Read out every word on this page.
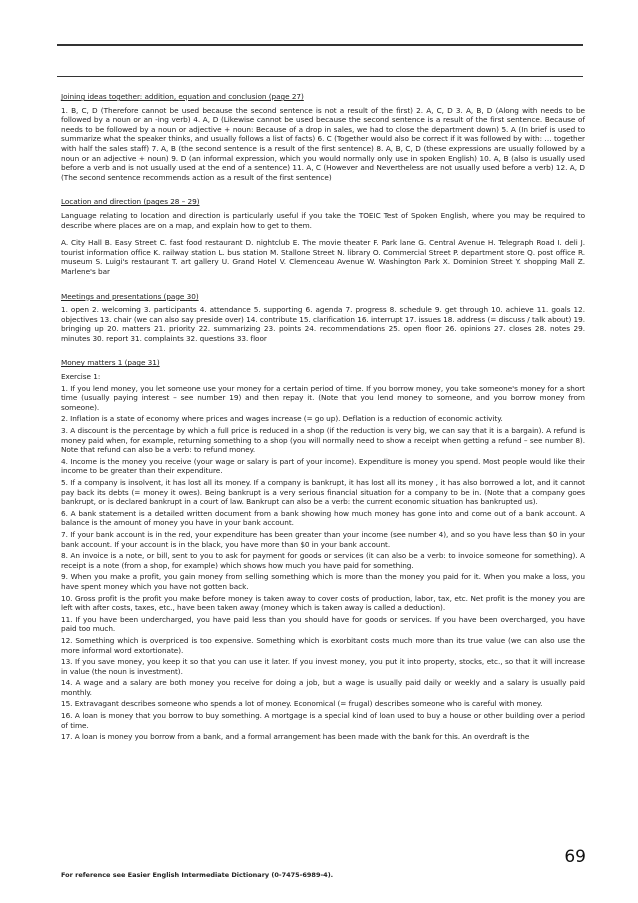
Joining ideas together: addition, equation and conclusion (page 27)
1. B, C, D (Therefore cannot be used because the second sentence is not a result of the first) 2. A, C, D 3. A, B, D (Along with needs to be followed by a noun or an -ing verb) 4. A, D (Likewise cannot be used because the second sentence is a result of the first sentence. Because of needs to be followed by a noun or adjective + noun: Because of a drop in sales, we had to close the department down) 5. A (In brief is used to summarize what the speaker thinks, and usually follows a list of facts) 6. C (Together would also be correct if it was followed by with: … together with half the sales staff) 7. A, B (the second sentence is a result of the first sentence) 8. A, B, C, D (these expressions are usually followed by a noun or an adjective + noun) 9. D (an informal expression, which you would normally only use in spoken English) 10. A, B (also is usually used before a verb and is not usually used at the end of a sentence) 11. A, C (However and Nevertheless are not usually used before a verb) 12. A, D (The second sentence recommends action as a result of the first sentence)
Location and direction (pages 28 – 29)
Language relating to location and direction is particularly useful if you take the TOEIC Test of Spoken English, where you may be required to describe where places are on a map, and explain how to get to them.
A. City Hall B. Easy Street C. fast food restaurant D. nightclub E. The movie theater F. Park lane G. Central Avenue H. Telegraph Road I. deli J. tourist information office K. railway station L. bus station M. Stallone Street N. library O. Commercial Street P. department store Q. post office R. museum S. Luigi's restaurant T. art gallery U. Grand Hotel V. Clemenceau Avenue W. Washington Park X. Dominion Street Y. shopping Mall Z. Marlene's bar
Meetings and presentations (page 30)
1. open 2. welcoming 3. participants 4. attendance 5. supporting 6. agenda 7. progress 8. schedule 9. get through 10. achieve 11. goals 12. objectives 13. chair (we can also say preside over) 14. contribute 15. clarification 16. interrupt 17. issues 18. address (= discuss / talk about) 19. bringing up 20. matters 21. priority 22. summarizing 23. points 24. recommendations 25. open floor 26. opinions 27. closes 28. notes 29. minutes 30. report 31. complaints 32. questions 33. floor
Money matters 1 (page 31)
Exercise 1:
1. If you lend money, you let someone use your money for a certain period of time. If you borrow money, you take someone's money for a short time (usually paying interest – see number 19) and then repay it. (Note that you lend money to someone, and you borrow money from someone).
2. Inflation is a state of economy where prices and wages increase (= go up). Deflation is a reduction of economic activity.
3. A discount is the percentage by which a full price is reduced in a shop (if the reduction is very big, we can say that it is a bargain). A refund is money paid when, for example, returning something to a shop (you will normally need to show a receipt when getting a refund – see number 8). Note that refund can also be a verb: to refund money.
4. Income is the money you receive (your wage or salary is part of your income). Expenditure is money you spend. Most people would like their income to be greater than their expenditure.
5. If a company is insolvent, it has lost all its money. If a company is bankrupt, it has lost all its money , it has also borrowed a lot, and it cannot pay back its debts (= money it owes). Being bankrupt is a very serious financial situation for a company to be in. (Note that a company goes bankrupt, or is declared bankrupt in a court of law. Bankrupt can also be a verb: the current economic situation has bankrupted us).
6. A bank statement is a detailed written document from a bank showing how much money has gone into and come out of a bank account. A balance is the amount of money you have in your bank account.
7. If your bank account is in the red, your expenditure has been greater than your income (see number 4), and so you have less than $0 in your bank account. If your account is in the black, you have more than $0 in your bank account.
8. An invoice is a note, or bill, sent to you to ask for payment for goods or services (it can also be a verb: to invoice someone for something). A receipt is a note (from a shop, for example) which shows how much you have paid for something.
9. When you make a profit, you gain money from selling something which is more than the money you paid for it. When you make a loss, you have spent money which you have not gotten back.
10. Gross profit is the profit you make before money is taken away to cover costs of production, labor, tax, etc. Net profit is the money you are left with after costs, taxes, etc., have been taken away (money which is taken away is called a deduction).
11. If you have been undercharged, you have paid less than you should have for goods or services. If you have been overcharged, you have paid too much.
12. Something which is overpriced is too expensive. Something which is exorbitant costs much more than its true value (we can also use the more informal word extortionate).
13. If you save money, you keep it so that you can use it later. If you invest money, you put it into property, stocks, etc., so that it will increase in value (the noun is investment).
14. A wage and a salary are both money you receive for doing a job, but a wage is usually paid daily or weekly and a salary is usually paid monthly.
15. Extravagant describes someone who spends a lot of money. Economical (= frugal) describes someone who is careful with money.
16. A loan is money that you borrow to buy something. A mortgage is a special kind of loan used to buy a house or other building over a period of time.
17. A loan is money you borrow from a bank, and a formal arrangement has been made with the bank for this. An overdraft is the
69
For reference see Easier English Intermediate Dictionary (0-7475-6989-4).
